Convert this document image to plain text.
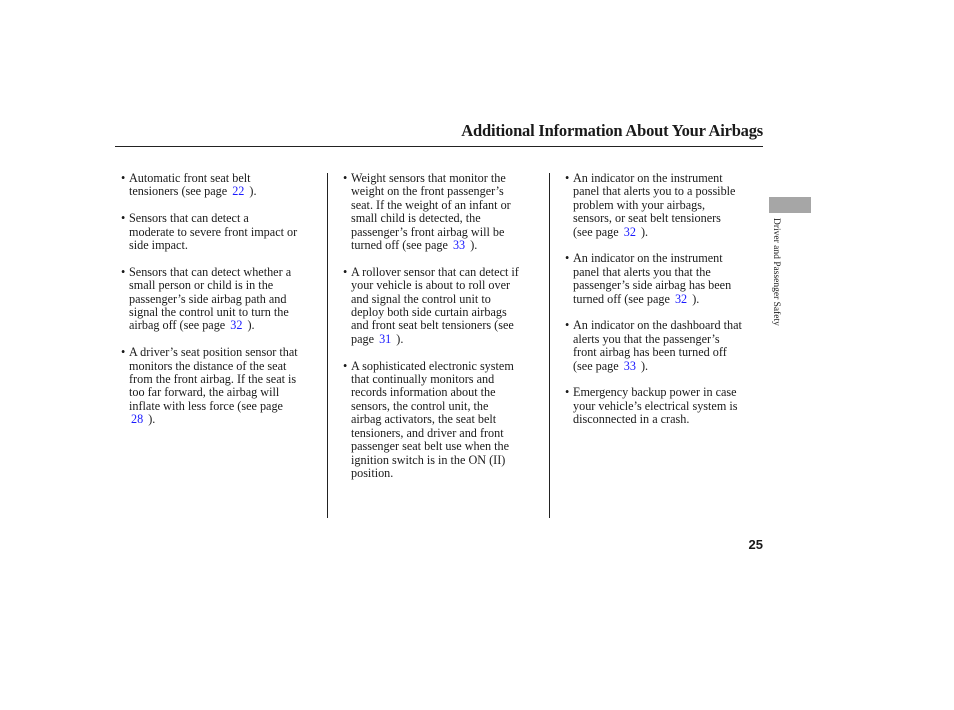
Additional Information About Your Airbags
• Automatic front seat belt
tensioners (see page 22 ).
• Sensors that can detect a
moderate to severe front impact or
side impact.
• Sensors that can detect whether a
small person or child is in the
passenger’s side airbag path and
signal the control unit to turn the
airbag off (see page 32 ).
• A driver’s seat position sensor that
monitors the distance of the seat
from the front airbag. If the seat is
too far forward, the airbag will
inflate with less force (see page
28 ).
• Weight sensors that monitor the
weight on the front passenger’s
seat. If the weight of an infant or
small child is detected, the
passenger’s front airbag will be
turned off (see page 33 ).
• A rollover sensor that can detect if
your vehicle is about to roll over
and signal the control unit to
deploy both side curtain airbags
and front seat belt tensioners (see
page 31 ).
• A sophisticated electronic system
that continually monitors and
records information about the
sensors, the control unit, the
airbag activators, the seat belt
tensioners, and driver and front
passenger seat belt use when the
ignition switch is in the ON (II)
position.
• An indicator on the instrument
panel that alerts you to a possible
problem with your airbags,
sensors, or seat belt tensioners
(see page 32 ).
• An indicator on the instrument
panel that alerts you that the
passenger’s side airbag has been
turned off (see page 32 ).
• An indicator on the dashboard that
alerts you that the passenger’s
front airbag has been turned off
(see page 33 ).
• Emergency backup power in case
your vehicle’s electrical system is
disconnected in a crash.
Driver and Passenger Safety
25
